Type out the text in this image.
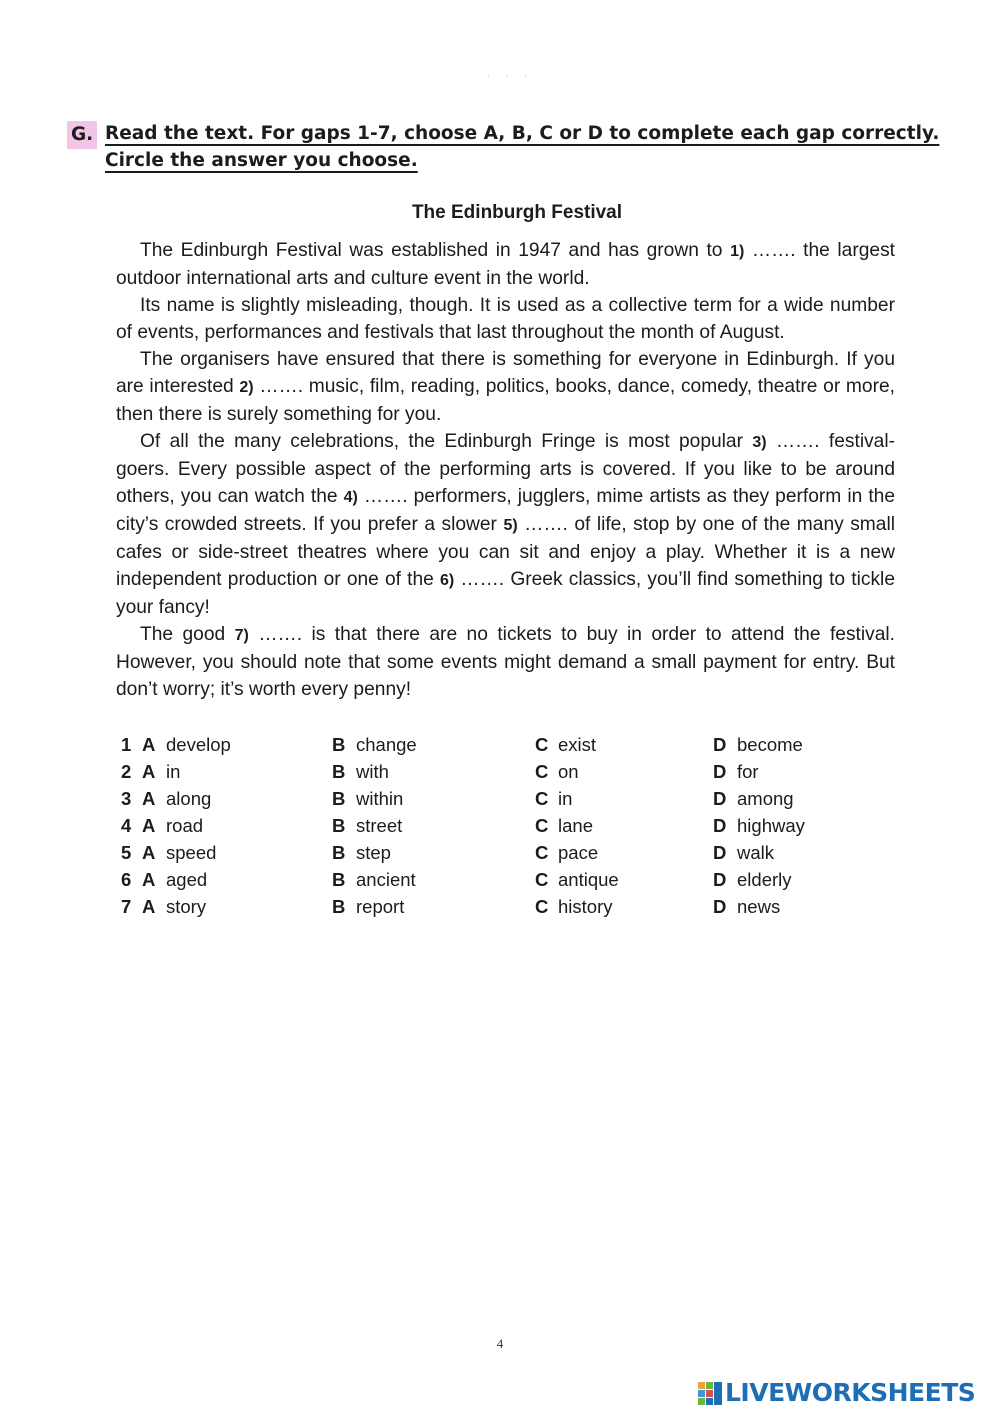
· · ·
G. Read the text. For gaps 1-7, choose A, B, C or D to complete each gap correctly.
Circle the answer you choose.
The Edinburgh Festival

The Edinburgh Festival was established in 1947 and has grown to 1) ……. the largest outdoor international arts and culture event in the world.

Its name is slightly misleading, though. It is used as a collective term for a wide number of events, performances and festivals that last throughout the month of August.

The organisers have ensured that there is something for everyone in Edinburgh. If you are interested 2) ……. music, film, reading, politics, books, dance, comedy, theatre or more, then there is surely something for you.

Of all the many celebrations, the Edinburgh Fringe is most popular 3) ……. festival-goers. Every possible aspect of the performing arts is covered. If you like to be around others, you can watch the 4) ……. performers, jugglers, mime artists as they perform in the city’s crowded streets. If you prefer a slower 5) ……. of life, stop by one of the many small cafes or side-street theatres where you can sit and enjoy a play. Whether it is a new independent production or one of the 6) ……. Greek classics, you’ll find something to tickle your fancy!

The good 7) ……. is that there are no tickets to buy in order to attend the festival. However, you should note that some events might demand a small payment for entry. But don’t worry; it’s worth every penny!

1 A develop	B change	C exist	D become
2 A in	B with	C on	D for
3 A along	B within	C in	D among
4 A road	B street	C lane	D highway
5 A speed	B step	C pace	D walk
6 A aged	B ancient	C antique	D elderly
7 A story	B report	C history	D news
4
LIVEWORKSHEETS
